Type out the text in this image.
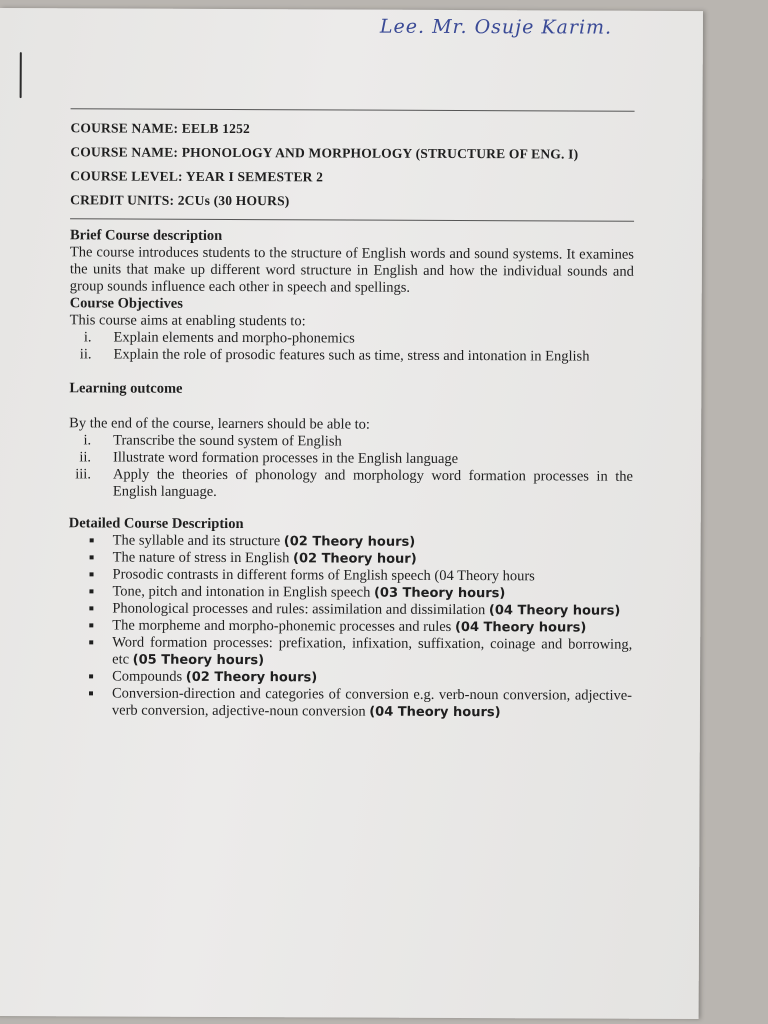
Lee. Mr. Osuje Karim.
COURSE NAME: EELB 1252
COURSE NAME: PHONOLOGY AND MORPHOLOGY (STRUCTURE OF ENG. I)
COURSE LEVEL: YEAR I SEMESTER 2
CREDIT UNITS: 2CUs (30 HOURS)
Brief Course description

The course introduces students to the structure of English words and sound systems. It examines the units that make up different word structure in English and how the individual sounds and group sounds influence each other in speech and spellings.

Course Objectives

This course aims at enabling students to:

i. Explain elements and morpho-phonemics
ii. Explain the role of prosodic features such as time, stress and intonation in English
Learning outcome

By the end of the course, learners should be able to:

i. Transcribe the sound system of English
ii. Illustrate word formation processes in the English language
iii. Apply the theories of phonology and morphology word formation processes in the English language.
Detailed Course Description
The syllable and its structure (02 Theory hours)
The nature of stress in English (02 Theory hour)
Prosodic contrasts in different forms of English speech (04 Theory hours
Tone, pitch and intonation in English speech (03 Theory hours)
Phonological processes and rules: assimilation and dissimilation (04 Theory hours)
The morpheme and morpho-phonemic processes and rules (04 Theory hours)
Word formation processes: prefixation, infixation, suffixation, coinage and borrowing, etc (05 Theory hours)
Compounds (02 Theory hours)
Conversion-direction and categories of conversion e.g. verb-noun conversion, adjective-verb conversion, adjective-noun conversion (04 Theory hours)
